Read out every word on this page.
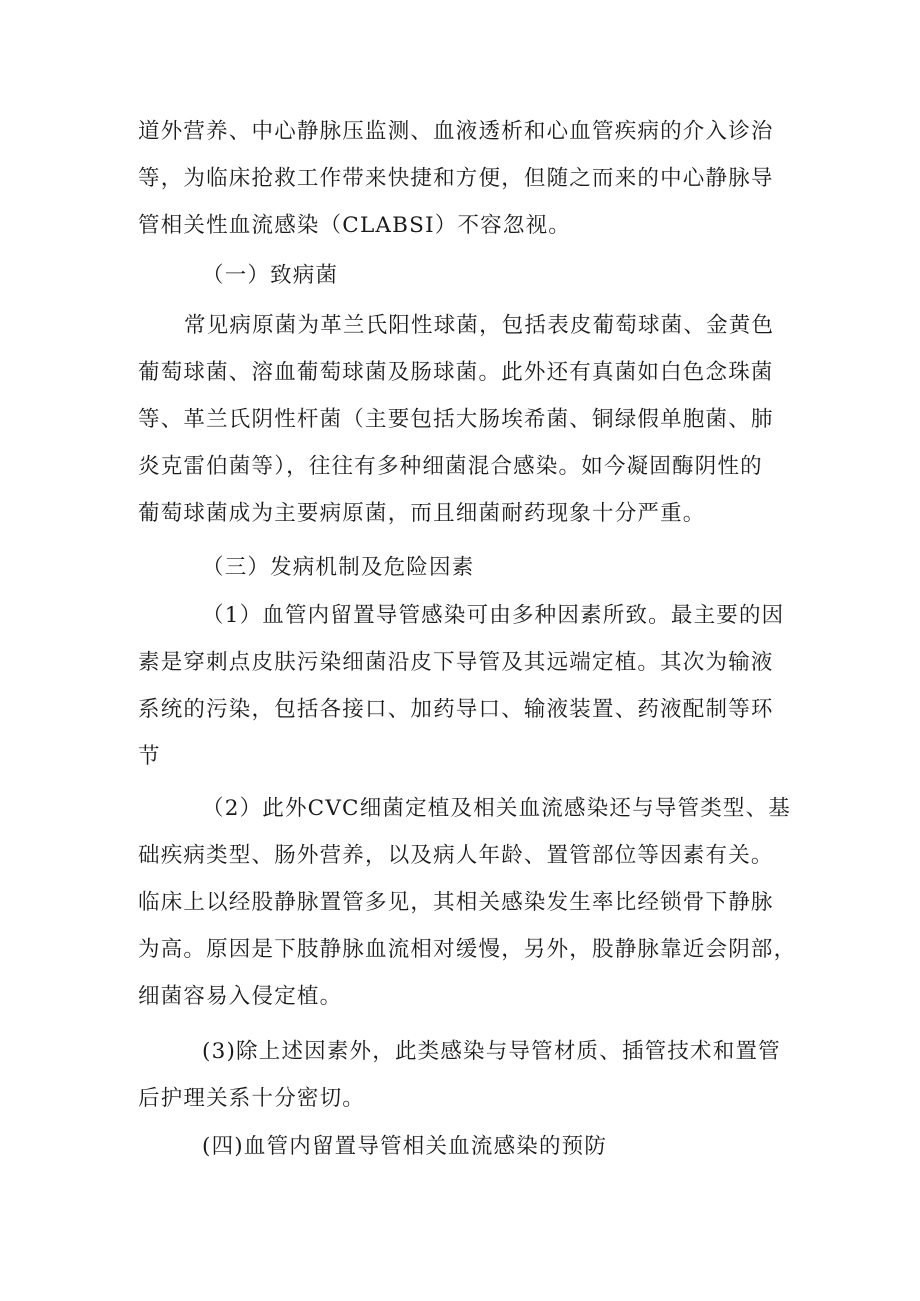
道外营养、中心静脉压监测、血液透析和心血管疾病的介入诊治
等，为临床抢救工作带来快捷和方便，但随之而来的中心静脉导
管相关性血流感染（CLABSI）不容忽视。
（一）致病菌
常见病原菌为革兰氏阳性球菌，包括表皮葡萄球菌、金黄色
葡萄球菌、溶血葡萄球菌及肠球菌。此外还有真菌如白色念珠菌
等、革兰氏阴性杆菌（主要包括大肠埃希菌、铜绿假单胞菌、肺
炎克雷伯菌等），往往有多种细菌混合感染。如今凝固酶阴性的
葡萄球菌成为主要病原菌，而且细菌耐药现象十分严重。
（三）发病机制及危险因素
（1）血管内留置导管感染可由多种因素所致。最主要的因
素是穿刺点皮肤污染细菌沿皮下导管及其远端定植。其次为输液
系统的污染，包括各接口、加药导口、输液装置、药液配制等环
节
（2）此外CVC细菌定植及相关血流感染还与导管类型、基
础疾病类型、肠外营养，以及病人年龄、置管部位等因素有关。
临床上以经股静脉置管多见，其相关感染发生率比经锁骨下静脉
为高。原因是下肢静脉血流相对缓慢，另外，股静脉靠近会阴部，
细菌容易入侵定植。
(3)除上述因素外，此类感染与导管材质、插管技术和置管
后护理关系十分密切。
(四)血管内留置导管相关血流感染的预防
